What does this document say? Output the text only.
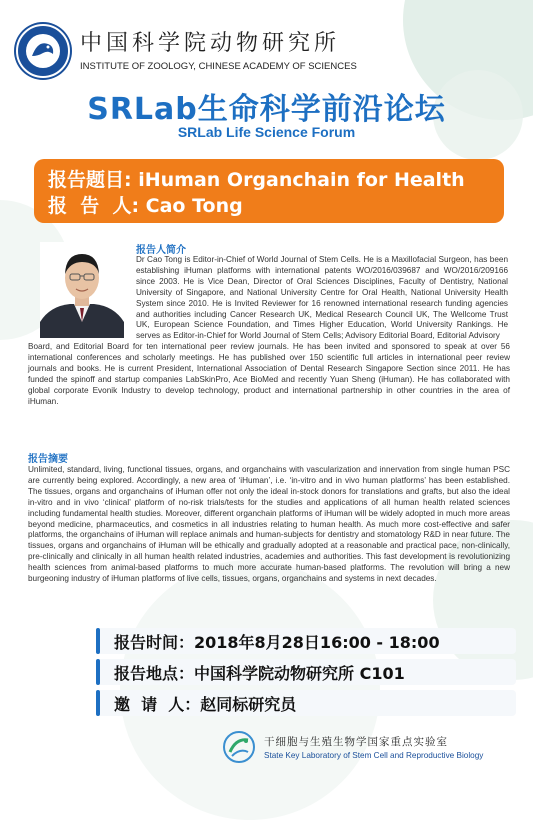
中国科学院动物研究所
INSTITUTE OF ZOOLOGY, CHINESE ACADEMY OF SCIENCES
SRLab生命科学前沿论坛
SRLab Life Science Forum
报告题目: iHuman Organchain for Health
报  告  人: Cao Tong
报告人简介
Dr Cao Tong is Editor-in-Chief of World Journal of Stem Cells. He is a Maxillofacial Surgeon, has been establishing iHuman platforms with international patents WO/2016/039687 and WO/2016/209166 since 2003. He is Vice Dean, Director of Oral Sciences Disciplines, Faculty of Dentistry, National University of Singapore, and National University Centre for Oral Health, National University Health System since 2010. He is Invited Reviewer for 16 renowned international research funding agencies and authorities including Cancer Research UK, Medical Research Council UK, The Wellcome Trust UK, European Science Foundation, and Times Higher Education, World University Rankings. He serves as Editor-in-Chief for World Journal of Stem Cells; Advisory Editorial Board, Editorial Advisory
Board, and Editorial Board for ten international peer review journals. He has been invited and sponsored to speak at over 56 international conferences and scholarly meetings. He has published over 150 scientific full articles in international peer review journals and books. He is current President, International Association of Dental Research Singapore Section since 2011. He has funded the spinoff and startup companies LabSkinPro, Ace BioMed and recently Yuan Sheng (iHuman). He has collaborated with global corporate Evonik Industry to develop technology, product and international partnership in other countries in the area of iHuman.
报告摘要
Unlimited, standard, living, functional tissues, organs, and organchains with vascularization and innervation from single human PSC are currently being explored. Accordingly, a new area of ‘iHuman’, i.e. ‘in-vitro and in vivo human platforms’ has been established. The tissues, organs and organchains of iHuman offer not only the ideal in-stock donors for translations and grafts, but also the ideal in-vitro and in vivo ‘clinical’ platform of no-risk trials/tests for the studies and applications of all human health related sciences including fundamental health studies. Moreover, different organchain platforms of iHuman will be widely adopted in much more areas beyond medicine, pharmaceutics, and cosmetics in all industries relating to human health. As much more cost-effective and safer platforms, the organchains of iHuman will replace animals and human-subjects for dentistry and stomatology R&D in near future. The tissues, organs and organchains of iHuman will be ethically and gradually adopted at a reasonable and practical pace, non-clinically, pre-clinically and clinically in all human health related industries, academies and authorities. This fast development is revolutionizing health sciences from animal-based platforms to much more accurate human-based platforms. The revolution will bring a new burgeoning industry of iHuman platforms of live cells, tissues, organs, organchains and systems in next decades.
报告时间：2018年8月28日16:00 - 18:00
报告地点：中国科学院动物研究所 C101
邀  请  人：赵同标研究员
干细胞与生殖生物学国家重点实验室
State Key Laboratory of Stem Cell and Reproductive Biology
